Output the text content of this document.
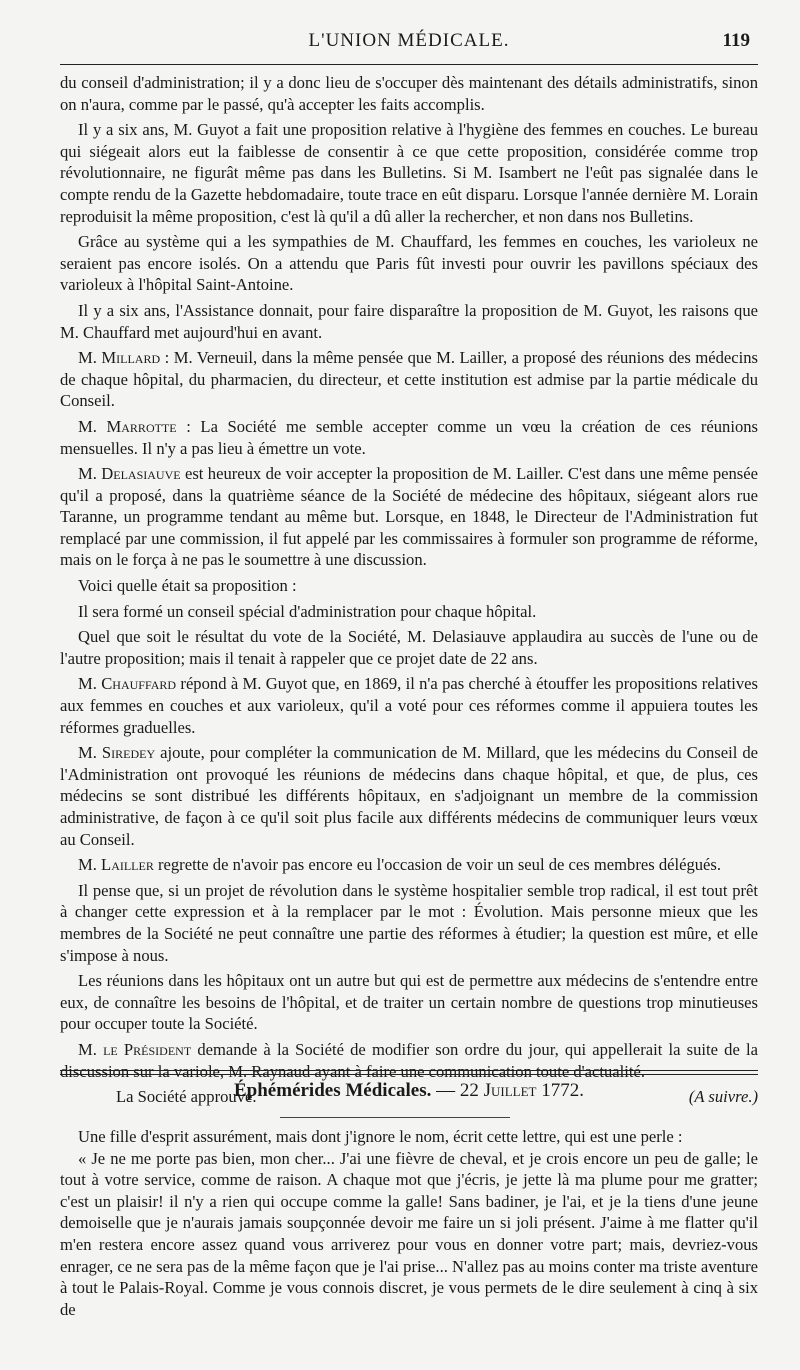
L'UNION MÉDICALE.	119

du conseil d'administration; il y a donc lieu de s'occuper dès maintenant des détails administratifs, sinon on n'aura, comme par le passé, qu'à accepter les faits accomplis.

Il y a six ans, M. Guyot a fait une proposition relative à l'hygiène des femmes en couches. Le bureau qui siégeait alors eut la faiblesse de consentir à ce que cette proposition, considérée comme trop révolutionnaire, ne figurât même pas dans les Bulletins. Si M. Isambert ne l'eût pas signalée dans le compte rendu de la Gazette hebdomadaire, toute trace en eût disparu. Lorsque l'année dernière M. Lorain reproduisit la même proposition, c'est là qu'il a dû aller la rechercher, et non dans nos Bulletins.

Grâce au système qui a les sympathies de M. Chauffard, les femmes en couches, les varioleux ne seraient pas encore isolés. On a attendu que Paris fût investi pour ouvrir les pavillons spéciaux des varioleux à l'hôpital Saint-Antoine.

Il y a six ans, l'Assistance donnait, pour faire disparaître la proposition de M. Guyot, les raisons que M. Chauffard met aujourd'hui en avant.

M. Millard : M. Verneuil, dans la même pensée que M. Lailler, a proposé des réunions des médecins de chaque hôpital, du pharmacien, du directeur, et cette institution est admise par la partie médicale du Conseil.

M. Marrotte : La Société me semble accepter comme un vœu la création de ces réunions mensuelles. Il n'y a pas lieu à émettre un vote.

M. Delasiauve est heureux de voir accepter la proposition de M. Lailler. C'est dans une même pensée qu'il a proposé, dans la quatrième séance de la Société de médecine des hôpitaux, siégeant alors rue Taranne, un programme tendant au même but. Lorsque, en 1848, le Directeur de l'Administration fut remplacé par une commission, il fut appelé par les commissaires à formuler son programme de réforme, mais on le força à ne pas le soumettre à une discussion.

Voici quelle était sa proposition :

Il sera formé un conseil spécial d'administration pour chaque hôpital.

Quel que soit le résultat du vote de la Société, M. Delasiauve applaudira au succès de l'une ou de l'autre proposition; mais il tenait à rappeler que ce projet date de 22 ans.

M. Chauffard répond à M. Guyot que, en 1869, il n'a pas cherché à étouffer les propositions relatives aux femmes en couches et aux varioleux, qu'il a voté pour ces réformes comme il appuiera toutes les réformes graduelles.

M. Siredey ajoute, pour compléter la communication de M. Millard, que les médecins du Conseil de l'Administration ont provoqué les réunions de médecins dans chaque hôpital, et que, de plus, ces médecins se sont distribué les différents hôpitaux, en s'adjoignant un membre de la commission administrative, de façon à ce qu'il soit plus facile aux différents médecins de communiquer leurs vœux au Conseil.

M. Lailler regrette de n'avoir pas encore eu l'occasion de voir un seul de ces membres délégués.

Il pense que, si un projet de révolution dans le système hospitalier semble trop radical, il est tout prêt à changer cette expression et à la remplacer par le mot : Évolution. Mais personne mieux que les membres de la Société ne peut connaître une partie des réformes à étudier; la question est mûre, et elle s'impose à nous.

Les réunions dans les hôpitaux ont un autre but qui est de permettre aux médecins de s'entendre entre eux, de connaître les besoins de l'hôpital, et de traiter un certain nombre de questions trop minutieuses pour occuper toute la Société.

M. le Président demande à la Société de modifier son ordre du jour, qui appellerait la suite de la discussion sur la variole, M. Raynaud ayant à faire une communication toute d'actualité.

La Société approuve.	(A suivre.)
Éphémérides Médicales. — 22 Juillet 1772.

Une fille d'esprit assurément, mais dont j'ignore le nom, écrit cette lettre, qui est une perle :

« Je ne me porte pas bien, mon cher... J'ai une fièvre de cheval, et je crois encore un peu de galle; le tout à votre service, comme de raison. A chaque mot que j'écris, je jette là ma plume pour me gratter; c'est un plaisir! il n'y a rien qui occupe comme la galle! Sans badiner, je l'ai, et je la tiens d'une jeune demoiselle que je n'aurais jamais soupçonnée devoir me faire un si joli présent. J'aime à me flatter qu'il m'en restera encore assez quand vous arriverez pour vous en donner votre part; mais, devriez-vous enrager, ce ne sera pas de la même façon que je l'ai prise... N'allez pas au moins conter ma triste aventure à tout le Palais-Royal. Comme je vous connois discret, je vous permets de le dire seulement à cinq à six de
